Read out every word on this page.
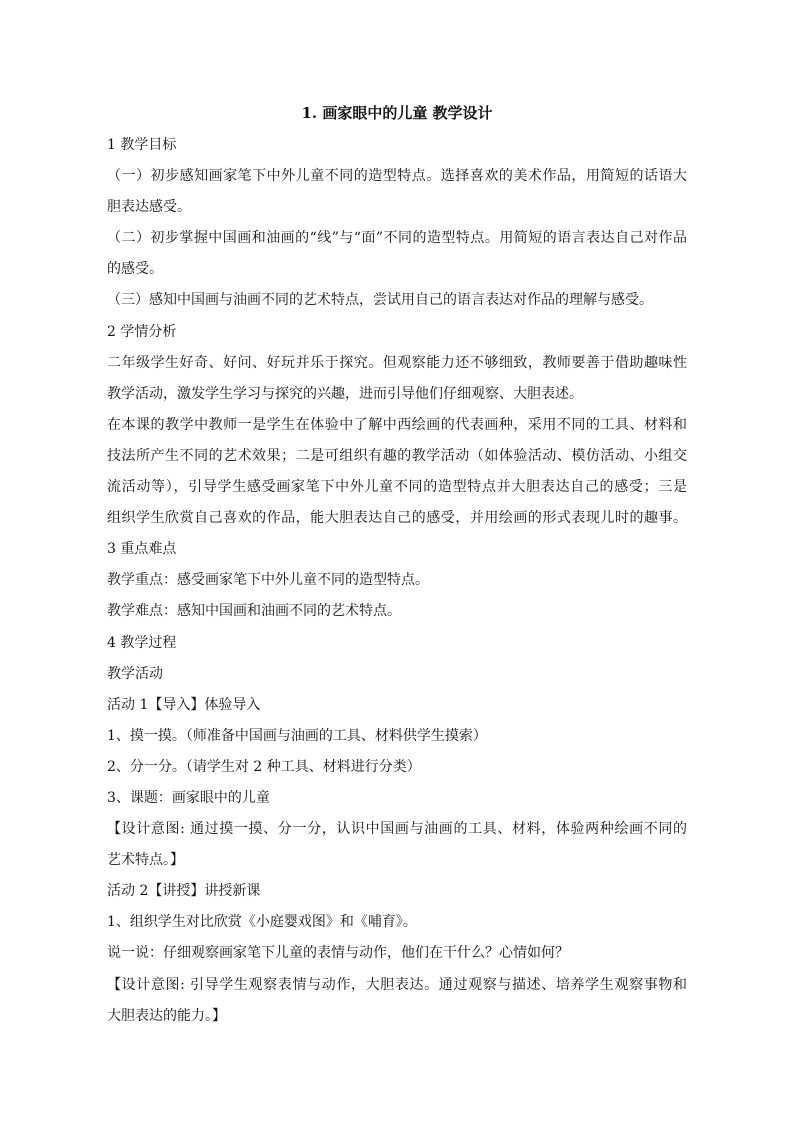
1. 画家眼中的儿童 教学设计

1 教学目标

（一）初步感知画家笔下中外儿童不同的造型特点。选择喜欢的美术作品，用简短的话语大

胆表达感受。

（二）初步掌握中国画和油画的“线”与“面”不同的造型特点。用简短的语言表达自己对作品

的感受。

（三）感知中国画与油画不同的艺术特点，尝试用自己的语言表达对作品的理解与感受。

2 学情分析

二年级学生好奇、好问、好玩并乐于探究。但观察能力还不够细致，教师要善于借助趣味性

教学活动，激发学生学习与探究的兴趣，进而引导他们仔细观察、大胆表述。

在本课的教学中教师一是学生在体验中了解中西绘画的代表画种，采用不同的工具、材料和

技法所产生不同的艺术效果；二是可组织有趣的教学活动（如体验活动、模仿活动、小组交

流活动等），引导学生感受画家笔下中外儿童不同的造型特点并大胆表达自己的感受；三是

组织学生欣赏自己喜欢的作品，能大胆表达自己的感受，并用绘画的形式表现儿时的趣事。

3 重点难点

教学重点：感受画家笔下中外儿童不同的造型特点。

教学难点：感知中国画和油画不同的艺术特点。

4 教学过程

教学活动

活动 1【导入】体验导入

1、摸一摸。（师准备中国画与油画的工具、材料供学生摸索）

2、分一分。（请学生对 2 种工具、材料进行分类）

3、课题：画家眼中的儿童

【设计意图: 通过摸一摸、分一分，认识中国画与油画的工具、材料，体验两种绘画不同的

艺术特点。】

活动 2【讲授】讲授新课

1、组织学生对比欣赏《小庭婴戏图》和《哺育》。

说一说：仔细观察画家笔下儿童的表情与动作，他们在干什么？心情如何？

【设计意图: 引导学生观察表情与动作，大胆表达。通过观察与描述、培养学生观察事物和

大胆表达的能力。】
